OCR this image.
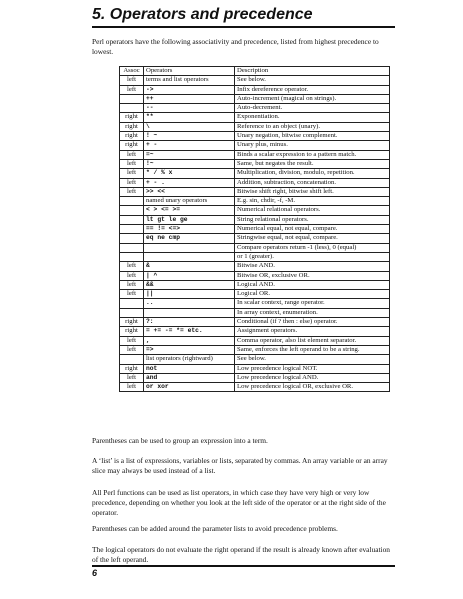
5. Operators and precedence

Perl operators have the following associativity and precedence, listed from highest precedence to lowest.

Assoc	Operators	Description
left	terms and list operators	See below.
left	->	Infix dereference operator.
	++	Auto-increment (magical on strings).
	--	Auto-decrement.
right	**	Exponentiation.
right	\	Reference to an object (unary).
right	! ~	Unary negation, bitwise complement.
right	+ -	Unary plus, minus.
left	=~	Binds a scalar expression to a pattern match.
left	!~	Same, but negates the result.
left	* / % x	Multiplication, division, modulo, repetition.
left	+ - .	Addition, subtraction, concatenation.
left	>> <<	Bitwise shift right, bitwise shift left.
	named unary operators	E.g. sin, chdir, -f, -M.
	< > <= >=	Numerical relational operators.
	lt gt le ge	String relational operators.
	== != <=>	Numerical equal, not equal, compare.
	eq ne cmp	Stringwise equal, not equal, compare.
		Compare operators return -1 (less), 0 (equal)
		or 1 (greater).
left	&	Bitwise AND.
left	| ^	Bitwise OR, exclusive OR.
left	&&	Logical AND.
left	||	Logical OR.
	..	In scalar context, range operator.
		In array context, enumeration.
right	?:	Conditional (if ? then : else) operator.
right	= += -= *= etc.	Assignment operators.
left	,	Comma operator, also list element separator.
left	=>	Same, enforces the left operand to be a string.
	list operators (rightward)	See below.
right	not	Low precedence logical NOT.
left	and	Low precedence logical AND.
left	or xor	Low precedence logical OR, exclusive OR.

Parentheses can be used to group an expression into a term.

A ‘list’ is a list of expressions, variables or lists, separated by commas. An array variable or an array slice may always be used instead of a list.

All Perl functions can be used as list operators, in which case they have very high or very low precedence, depending on whether you look at the left side of the operator or at the right side of the operator.

Parentheses can be added around the parameter lists to avoid precedence problems.

The logical operators do not evaluate the right operand if the result is already known after evaluation of the left operand.

6
